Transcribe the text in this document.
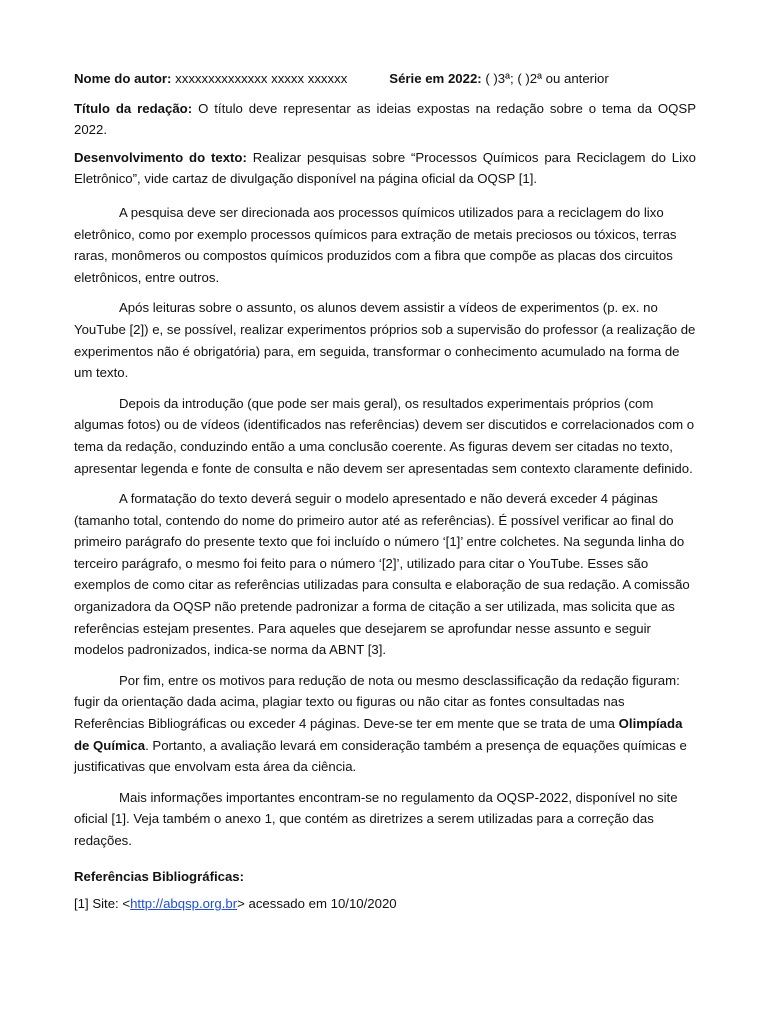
Nome do autor:
xxxxxxxxxxxxxx xxxxx xxxxxx	Série em 2022:
( )3ª; ( )2ª ou anterior

Título da redação: O título deve representar as ideias expostas na redação sobre o tema da OQSP 2022.

Desenvolvimento do texto: Realizar pesquisas sobre “Processos Químicos para Reciclagem do Lixo Eletrônico”, vide cartaz de divulgação disponível na página oficial da OQSP [1].

A pesquisa deve ser direcionada aos processos químicos utilizados para a reciclagem do lixo eletrônico, como por exemplo processos químicos para extração de metais preciosos ou tóxicos, terras raras, monômeros ou compostos químicos produzidos com a fibra que compõe as placas dos circuitos eletrônicos, entre outros.

Após leituras sobre o assunto, os alunos devem assistir a vídeos de experimentos (p. ex. no YouTube [2]) e, se possível, realizar experimentos próprios sob a supervisão do professor (a realização de experimentos não é obrigatória) para, em seguida, transformar o conhecimento acumulado na forma de um texto.

Depois da introdução (que pode ser mais geral), os resultados experimentais próprios (com algumas fotos) ou de vídeos (identificados nas referências) devem ser discutidos e correlacionados com o tema da redação, conduzindo então a uma conclusão coerente. As figuras devem ser citadas no texto, apresentar legenda e fonte de consulta e não devem ser apresentadas sem contexto claramente definido.

A formatação do texto deverá seguir o modelo apresentado e não deverá exceder 4 páginas (tamanho total, contendo do nome do primeiro autor até as referências). É possível verificar ao final do primeiro parágrafo do presente texto que foi incluído o número ‘[1]’ entre colchetes. Na segunda linha do terceiro parágrafo, o mesmo foi feito para o número ‘[2]’, utilizado para citar o YouTube. Esses são exemplos de como citar as referências utilizadas para consulta e elaboração de sua redação. A comissão organizadora da OQSP não pretende padronizar a forma de citação a ser utilizada, mas solicita que as referências estejam presentes. Para aqueles que desejarem se aprofundar nesse assunto e seguir modelos padronizados, indica-se norma da ABNT [3].

Por fim, entre os motivos para redução de nota ou mesmo desclassificação da redação figuram: fugir da orientação dada acima, plagiar texto ou figuras ou não citar as fontes consultadas nas Referências Bibliográficas ou exceder 4 páginas. Deve-se ter em mente que se trata de uma Olimpíada de Química. Portanto, a avaliação levará em consideração também a presença de equações químicas e justificativas que envolvam esta área da ciência.

Mais informações importantes encontram-se no regulamento da OQSP-2022, disponível no site oficial [1]. Veja também o anexo 1, que contém as diretrizes a serem utilizadas para a correção das redações.

Referências Bibliográficas:

[1] Site: <http://abqsp.org.br> acessado em 10/10/2020
